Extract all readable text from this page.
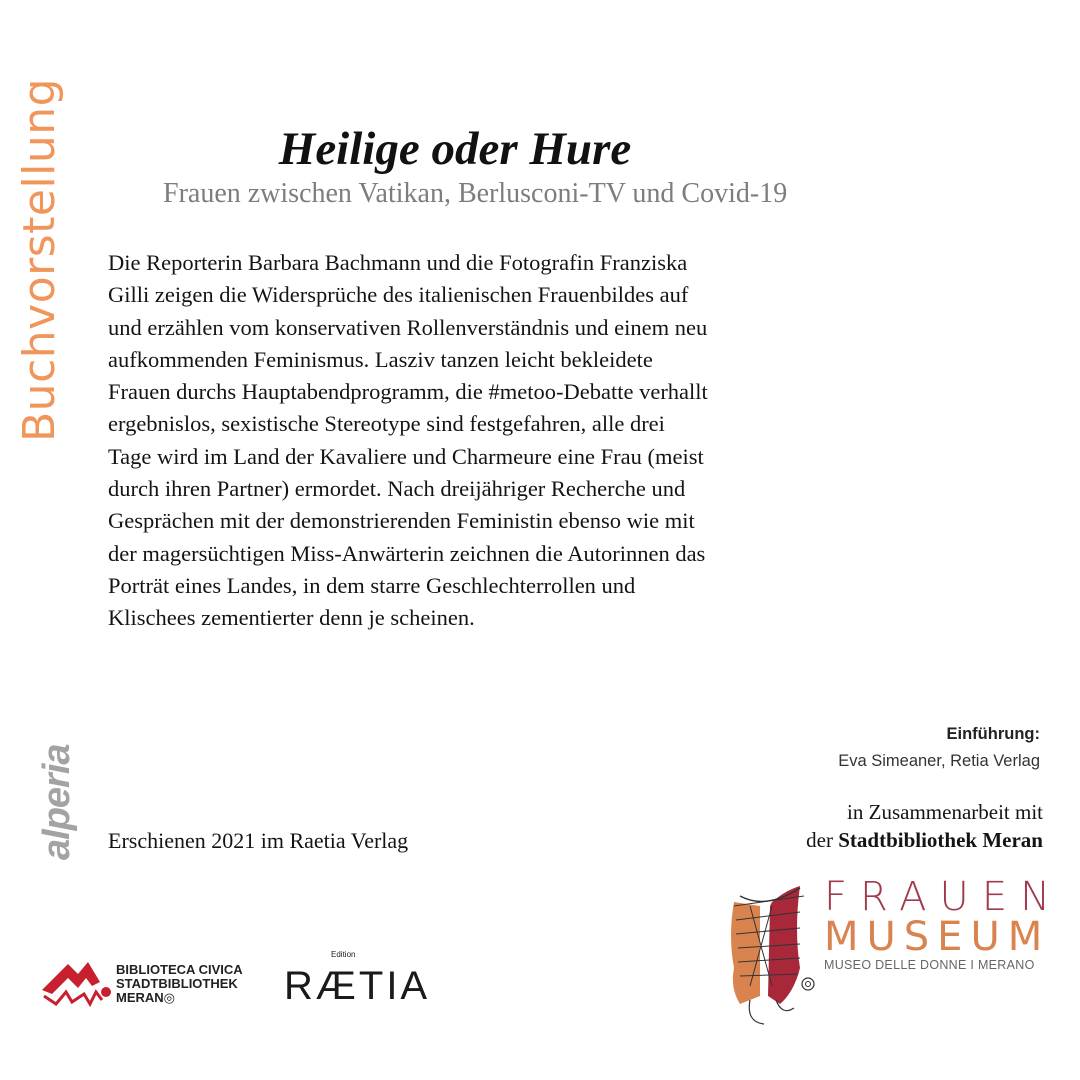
Buchvorstellung
alperia
Heilige oder Hure
Frauen zwischen Vatikan, Berlusconi-TV und Covid-19

Die Reporterin Barbara Bachmann und die Fotografin Franziska Gilli zeigen die Widersprüche des italienischen Frauenbildes auf und erzählen vom konservativen Rollenverständnis und einem neu aufkommenden Feminismus. Lasziv tanzen leicht bekleidete Frauen durchs Hauptabendprogramm, die #metoo-Debatte verhallt ergebnislos, sexistische Stereotype sind festgefahren, alle drei Tage wird im Land der Kavaliere und Charmeure eine Frau (meist durch ihren Partner) ermordet. Nach dreijähriger Recherche und Gesprächen mit der demonstrierenden Feministin ebenso wie mit der magersüchtigen Miss-Anwärterin zeichnen die Autorinnen das Porträt eines Landes, in dem starre Geschlechterrollen und Klischees zementierter denn je scheinen.

Erschienen 2021 im Raetia Verlag
Einführung:
Eva Simeaner, Retia Verlag
in Zusammenarbeit mit
der Stadtbibliothek Meran
BIBLIOTECA CIVICA
STADTBIBLIOTHEK
MERAN◎
Edition
RÆTIA
FRAUEN
MUSEUM
MUSEO DELLE DONNE I MERANO
